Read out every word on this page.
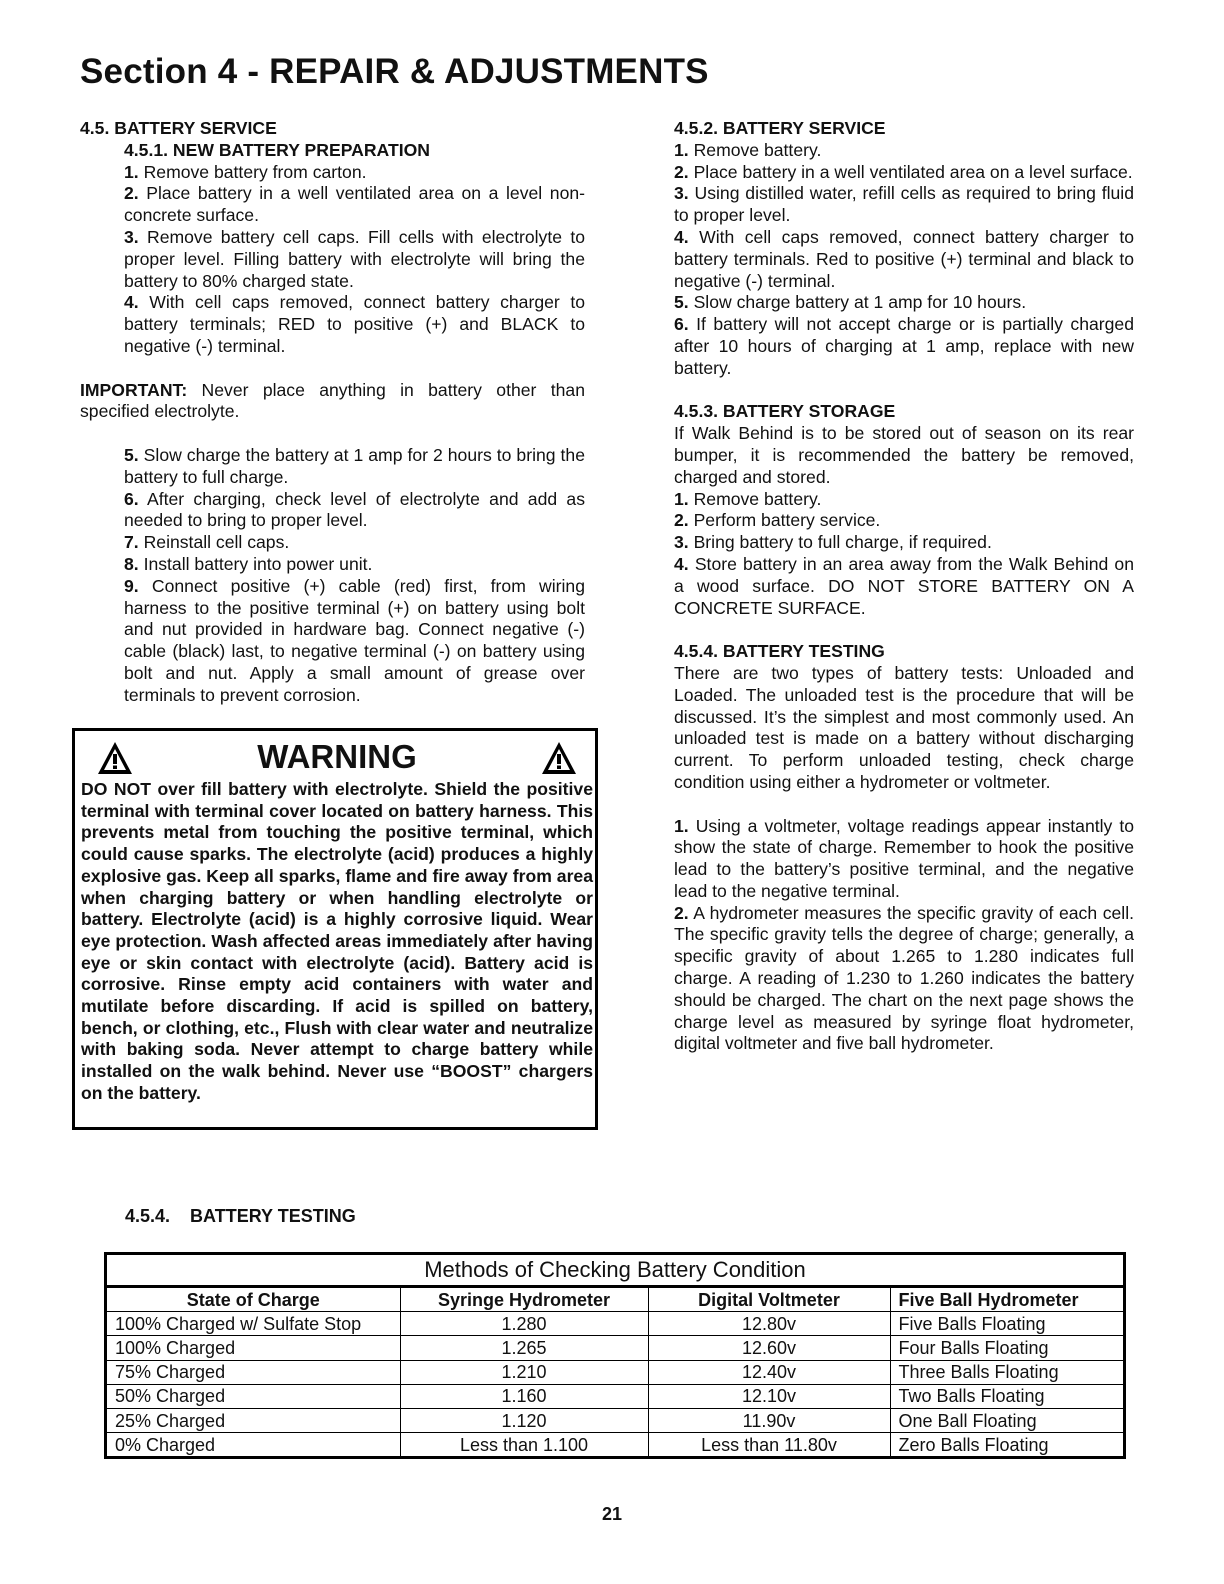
Section 4 - REPAIR & ADJUSTMENTS

4.5. BATTERY SERVICE

4.5.1. NEW BATTERY PREPARATION

1. Remove battery from carton.

2. Place battery in a well ventilated area on a level non-concrete surface.

3. Remove battery cell caps. Fill cells with electrolyte to proper level. Filling battery with electrolyte will bring the battery to 80% charged state.

4. With cell caps removed, connect battery charger to battery terminals; RED to positive (+) and BLACK to negative (-) terminal.

IMPORTANT: Never place anything in battery other than specified electrolyte.

5. Slow charge the battery at 1 amp for 2 hours to bring the battery to full charge.

6. After charging, check level of electrolyte and add as needed to bring to proper level.

7. Reinstall cell caps.

8. Install battery into power unit.

9. Connect positive (+) cable (red) first, from wiring harness to the positive terminal (+) on battery using bolt and nut provided in hardware bag. Connect negative (-) cable (black) last, to negative terminal (-) on battery using bolt and nut. Apply a small amount of grease over terminals to prevent corrosion.

WARNING
DO NOT over fill battery with electrolyte. Shield the positive terminal with terminal cover located on battery harness. This prevents metal from touching the positive terminal, which could cause sparks. The electrolyte (acid) produces a highly explosive gas. Keep all sparks, flame and fire away from area when charging battery or when handling electrolyte or battery. Electrolyte (acid) is a highly corrosive liquid. Wear eye protection. Wash affected areas immediately after having eye or skin contact with electrolyte (acid). Battery acid is corrosive. Rinse empty acid containers with water and mutilate before discarding. If acid is spilled on battery, bench, or clothing, etc., Flush with clear water and neutralize with baking soda. Never attempt to charge battery while installed on the walk behind. Never use “BOOST” chargers on the battery.

4.5.2. BATTERY SERVICE

1. Remove battery.

2. Place battery in a well ventilated area on a level surface.

3. Using distilled water, refill cells as required to bring fluid to proper level.

4. With cell caps removed, connect battery charger to battery terminals. Red to positive (+) terminal and black to negative (-) terminal.

5. Slow charge battery at 1 amp for 10 hours.

6. If battery will not accept charge or is partially charged after 10 hours of charging at 1 amp, replace with new battery.

4.5.3. BATTERY STORAGE

If Walk Behind is to be stored out of season on its rear bumper, it is recommended the battery be removed, charged and stored.

1. Remove battery.

2. Perform battery service.

3. Bring battery to full charge, if required.

4. Store battery in an area away from the Walk Behind on a wood surface. DO NOT STORE BATTERY ON A CONCRETE SURFACE.

4.5.4. BATTERY TESTING

There are two types of battery tests: Unloaded and Loaded. The unloaded test is the procedure that will be discussed. It’s the simplest and most commonly used. An unloaded test is made on a battery without discharging current. To perform unloaded testing, check charge condition using either a hydrometer or voltmeter.

1. Using a voltmeter, voltage readings appear instantly to show the state of charge. Remember to hook the positive lead to the battery’s positive terminal, and the negative lead to the negative terminal.

2. A hydrometer measures the specific gravity of each cell. The specific gravity tells the degree of charge; generally, a specific gravity of about 1.265 to 1.280 indicates full charge. A reading of 1.230 to 1.260 indicates the battery should be charged. The chart on the next page shows the charge level as measured by syringe float hydrometer, digital voltmeter and five ball hydrometer.

4.5.4.    BATTERY TESTING
Methods of Checking Battery Condition
State of Charge	Syringe Hydrometer	Digital Voltmeter	Five Ball Hydrometer
100% Charged w/ Sulfate Stop	1.280	12.80v	Five Balls Floating
100% Charged	1.265	12.60v	Four Balls Floating
75% Charged	1.210	12.40v	Three Balls Floating
50% Charged	1.160	12.10v	Two Balls Floating
25% Charged	1.120	11.90v	One Ball Floating
0% Charged	Less than 1.100	Less than 11.80v	Zero Balls Floating
21
